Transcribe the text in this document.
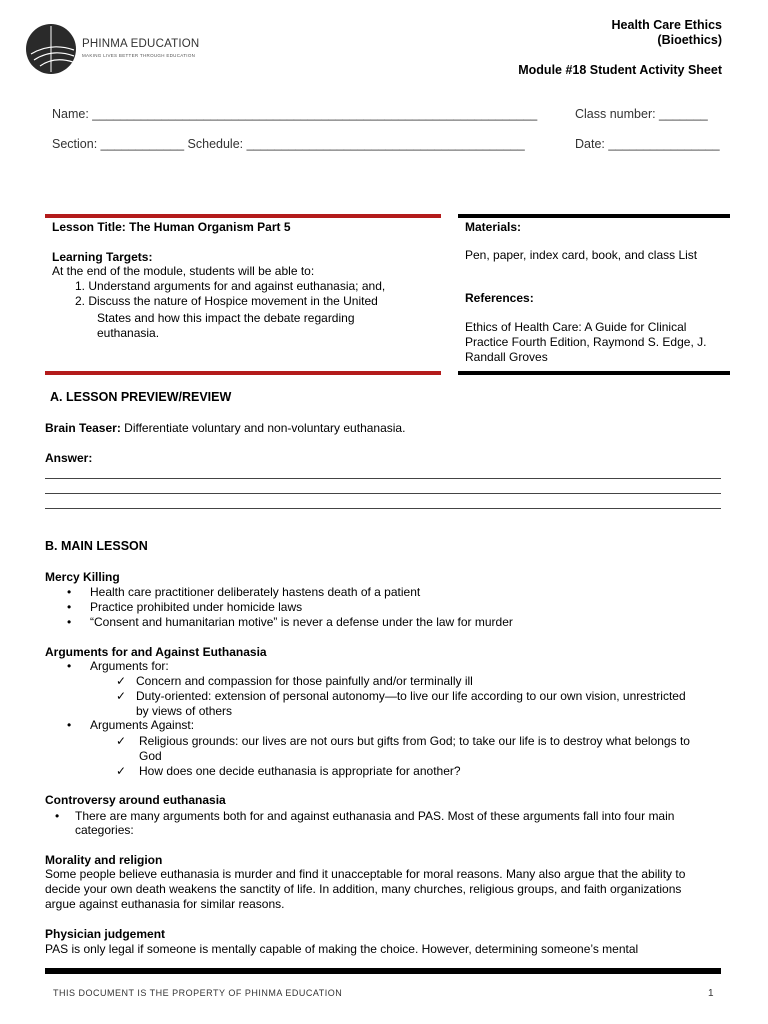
PHINMA EDUCATION
MAKING LIVES BETTER THROUGH EDUCATION
Health Care Ethics
(Bioethics)
Module #18 Student Activity Sheet
Name: ________________________________________________________________	Class number: _______
Section: ____________ Schedule: ________________________________________	Date: ________________
Lesson Title: The Human Organism Part 5
Learning Targets:
At the end of the module, students will be able to:
1. Understand arguments for and against euthanasia; and,
2. Discuss the nature of Hospice movement in the United
States and how this impact the debate regarding
euthanasia.
Materials:
Pen, paper, index card, book, and class List
References:
Ethics of Health Care: A Guide for Clinical
Practice Fourth Edition, Raymond S. Edge, J.
Randall Groves
A. LESSON PREVIEW/REVIEW
Brain Teaser: Differentiate voluntary and non-voluntary euthanasia.
Answer:
B. MAIN LESSON
Mercy Killing
• Health care practitioner deliberately hastens death of a patient
• Practice prohibited under homicide laws
• “Consent and humanitarian motive” is never a defense under the law for murder
Arguments for and Against Euthanasia
• Arguments for:
✓ Concern and compassion for those painfully and/or terminally ill
✓ Duty-oriented: extension of personal autonomy—to live our life according to our own vision, unrestricted
by views of others
• Arguments Against:
✓ Religious grounds: our lives are not ours but gifts from God; to take our life is to destroy what belongs to
God
✓ How does one decide euthanasia is appropriate for another?
Controversy around euthanasia
• There are many arguments both for and against euthanasia and PAS. Most of these arguments fall into four main
categories:
Morality and religion
Some people believe euthanasia is murder and find it unacceptable for moral reasons. Many also argue that the ability to
decide your own death weakens the sanctity of life. In addition, many churches, religious groups, and faith organizations
argue against euthanasia for similar reasons.
Physician judgement
PAS is only legal if someone is mentally capable of making the choice. However, determining someone’s mental
THIS DOCUMENT IS THE PROPERTY OF PHINMA EDUCATION	1
